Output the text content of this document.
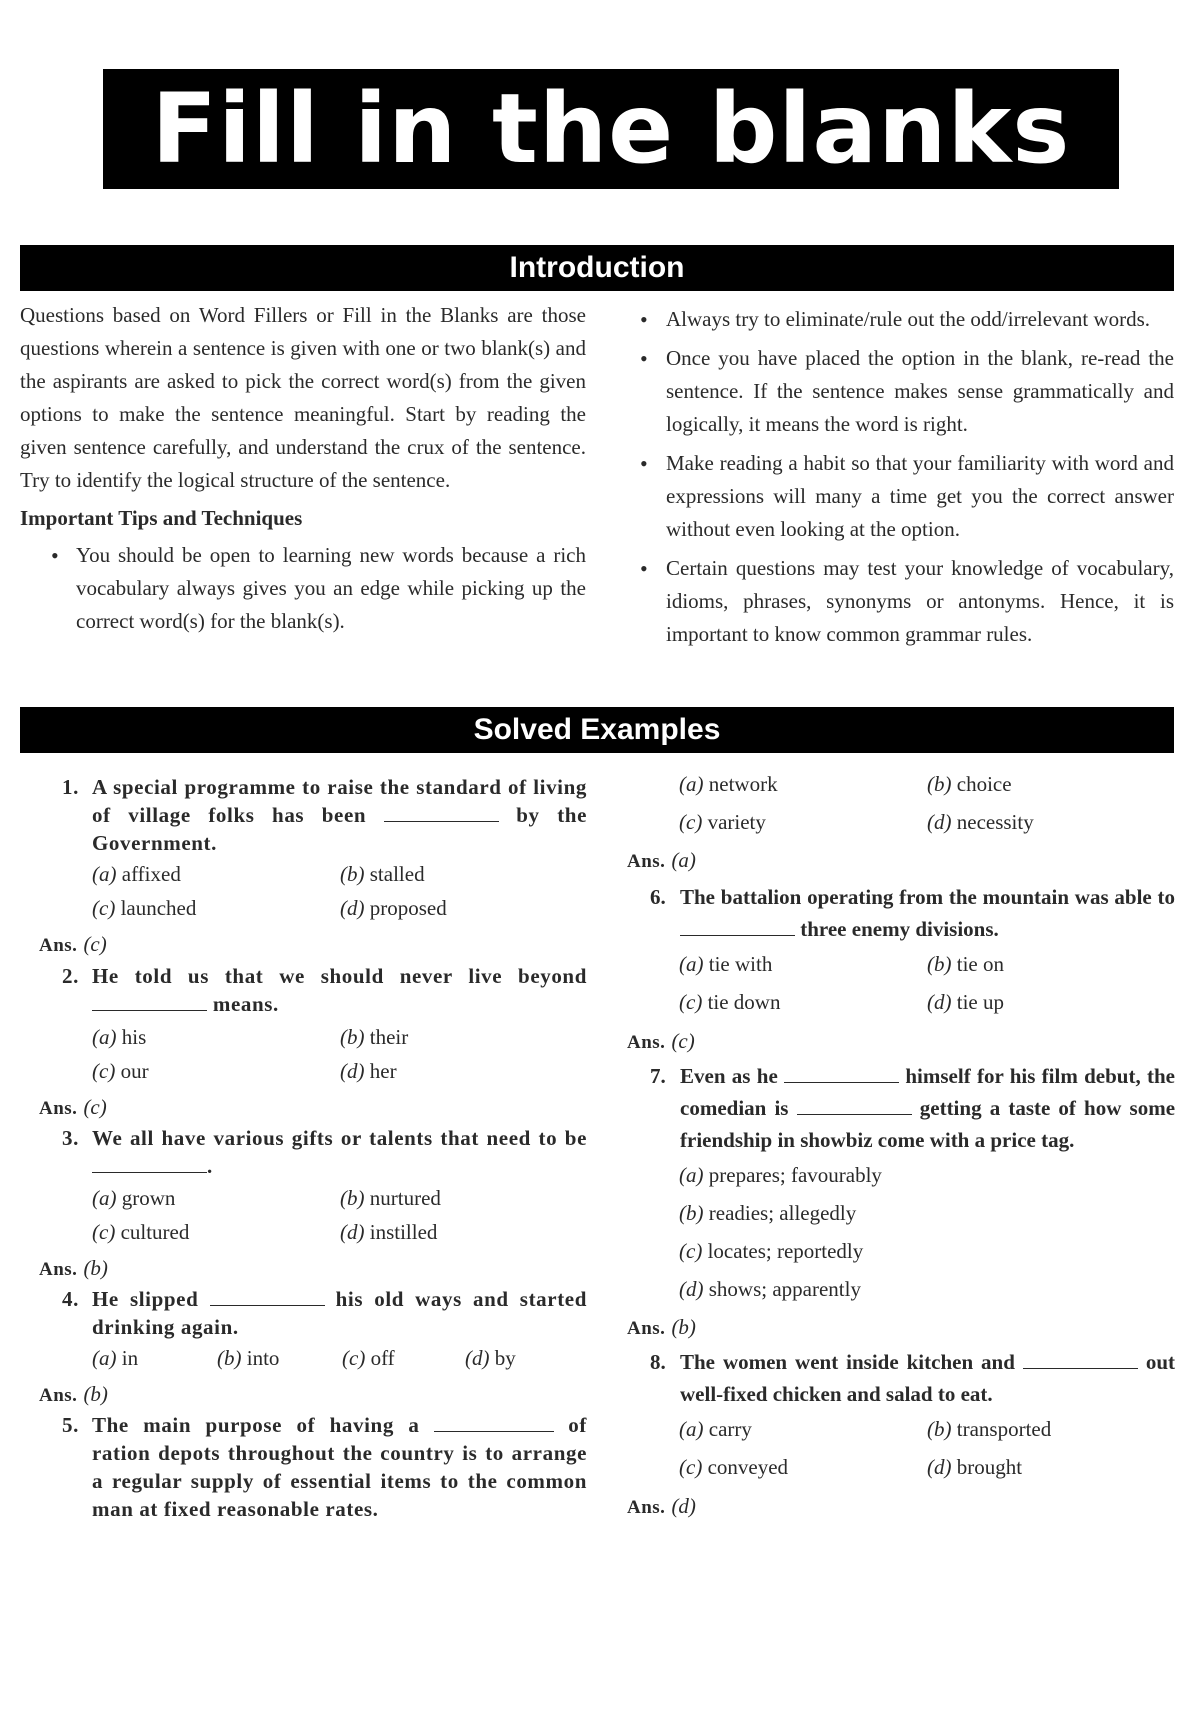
Fill in the blanks
Introduction

Questions based on Word Fillers or Fill in the Blanks are those questions wherein a sentence is given with one or two blank(s) and the aspirants are asked to pick the correct word(s) from the given options to make the sentence meaningful. Start by reading the given sentence carefully, and understand the crux of the sentence. Try to identify the logical structure of the sentence.

Important Tips and Techniques
• You should be open to learning new words because a rich vocabulary always gives you an edge while picking up the correct word(s) for the blank(s).
• Always try to eliminate/rule out the odd/irrelevant words.
• Once you have placed the option in the blank, re-read the sentence. If the sentence makes sense grammatically and logically, it means the word is right.
• Make reading a habit so that your familiarity with word and expressions will many a time get you the correct answer without even looking at the option.
• Certain questions may test your knowledge of vocabulary, idioms, phrases, synonyms or antonyms. Hence, it is important to know common grammar rules.
Solved Examples
1. A special programme to raise the standard of living of village folks has been	by the Government.
(a) affixed	(b) stalled
(c) launched	(d) proposed
Ans. (c)
2. He told us that we should never live beyond  means.
(a) his	(b) their
(c) our	(d) her
Ans. (c)
3. We all have various gifts or talents that need to be .
(a) grown	(b) nurtured
(c) cultured	(d) instilled
Ans. (b)
4. He slipped	his old ways and started drinking again.
(a) in	(b) into	(c) off	(d) by
Ans. (b)
5. The main purpose of having a	of ration depots throughout the country is to arrange a regular supply of essential items to the common man at fixed reasonable rates.
(a) network	(b) choice
(c) variety	(d) necessity
Ans. (a)
6. The battalion operating from the mountain was able to  three enemy divisions.
(a) tie with	(b) tie on
(c) tie down	(d) tie up
Ans. (c)
7. Even as he	himself for his film debut, the comedian is	getting a taste of how some friendship in showbiz come with a price tag.
(a) prepares; favourably
(b) readies; allegedly
(c) locates; reportedly
(d) shows; apparently
Ans. (b)
8. The women went inside kitchen and	out well-fixed chicken and salad to eat.
(a) carry	(b) transported
(c) conveyed	(d) brought
Ans. (d)
